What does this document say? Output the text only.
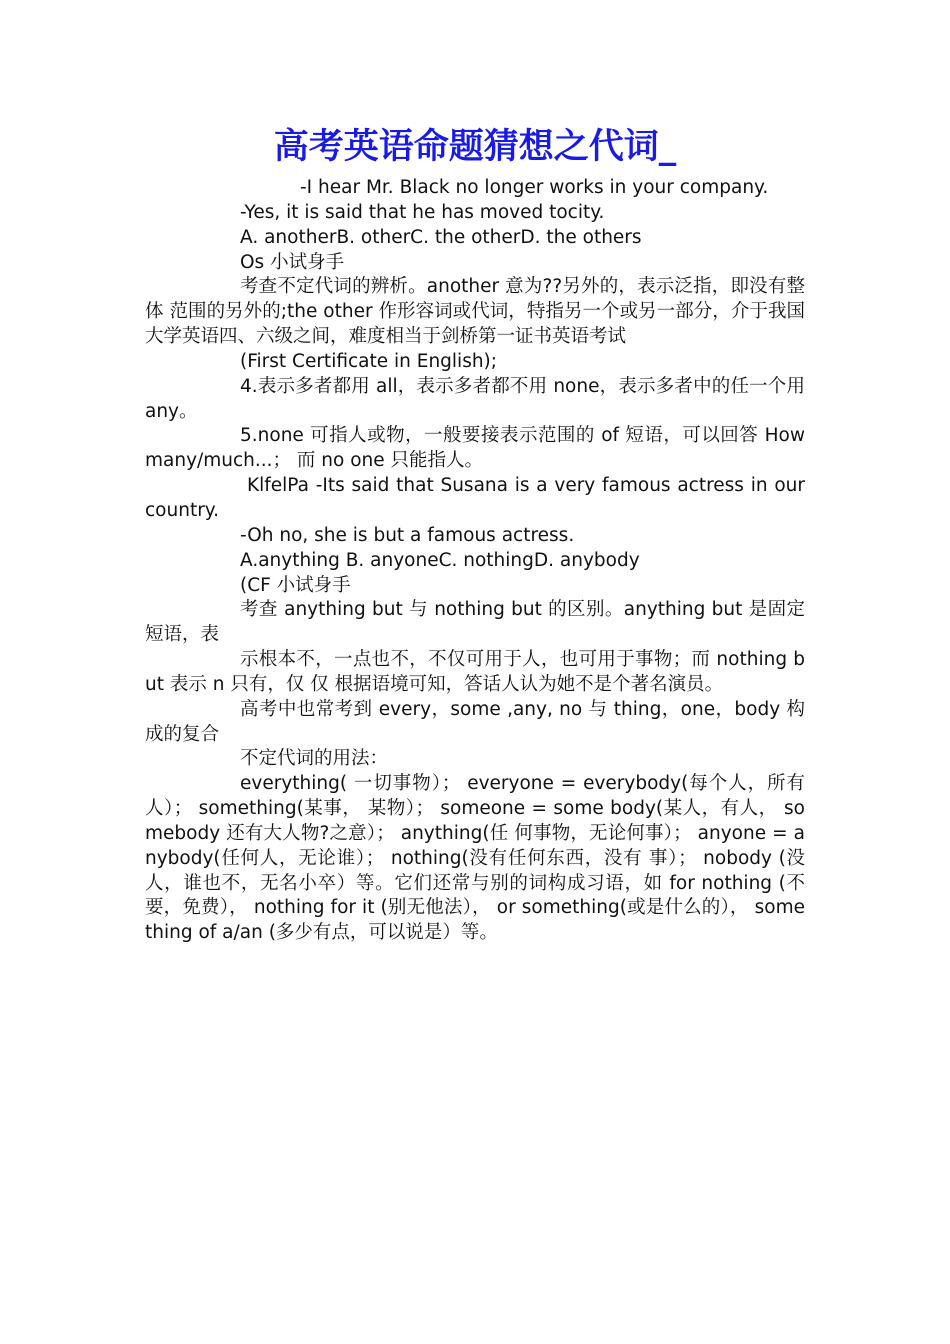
高考英语命题猜想之代词_

-I hear Mr. Black no longer works in your company.

-Yes, it is said that he has moved tocity.

A. anotherB. otherC. the otherD. the others

Os 小试身手

考查不定代词的辨析。another 意为??另外的，表示泛指，即没有整体 范围的另外的;the other 作形容词或代词，特指另一个或另一部分，介于我国大学英语四、六级之间，难度相当于剑桥第一证书英语考试

(First Certificate in English);

4.表示多者都用 all，表示多者都不用 none，表示多者中的任一个用 any。

5.none 可指人或物，一般要接表示范围的 of 短语，可以回答 How many/much...； 而 no one 只能指人。

KlfelPa -Its said that Susana is a very famous actress in our country.

-Oh no, she is but a famous actress.

A.anything B. anyoneC. nothingD. anybody

(CF 小试身手

考查 anything but 与 nothing but 的区别。anything but 是固定短语，表

示根本不，一点也不，不仅可用于人，也可用于事物；而 nothing but 表示 n 只有，仅 仅 根据语境可知，答话人认为她不是个著名演员。

高考中也常考到 every，some ,any, no 与 thing，one，body 构成的复合

不定代词的用法：

everything( 一切事物）； everyone = everybody(每个人，所有人）； something(某事， 某物）； someone = some body(某人，有人， somebody 还有大人物?之意）； anything(任 何事物，无论何事）； anyone = anybody(任何人，无论谁）； nothing(没有任何东西，没有 事）； nobody (没人，谁也不，无名小卒）等。它们还常与别的词构成习语，如 for nothing (不要，免费）， nothing for it (别无他法）， or something(或是什么的）， something of a/an (多少有点，可以说是）等。
